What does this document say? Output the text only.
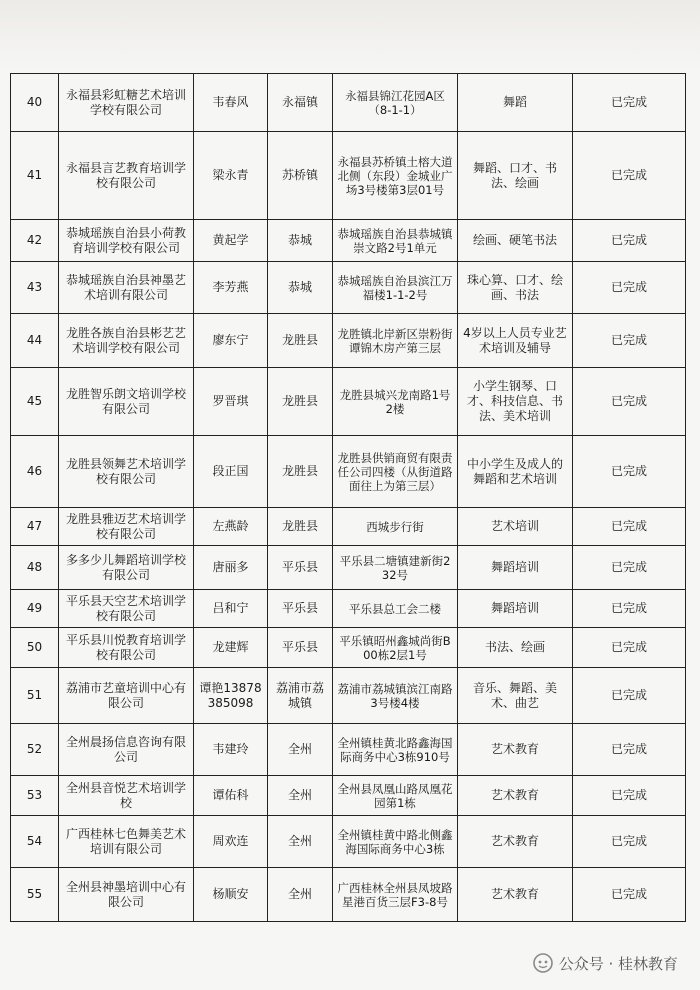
40	永福县彩虹糖艺术培训学校有限公司	韦春风	永福镇	永福县锦江花园A区（8-1-1）	舞蹈	已完成
41	永福县言艺教育培训学校有限公司	梁永青	苏桥镇	永福县苏桥镇土榕大道北侧（东段）金城业广场3号楼第3层01号	舞蹈、口才、书法、绘画	已完成
42	恭城瑶族自治县小荷教育培训学校有限公司	黄起学	恭城	恭城瑶族自治县恭城镇崇文路2号1单元	绘画、硬笔书法	已完成
43	恭城瑶族自治县神墨艺术培训有限公司	李芳燕	恭城	恭城瑶族自治县滨江万福楼1-1-2号	珠心算、口才、绘画、书法	已完成
44	龙胜各族自治县彬艺艺术培训学校有限公司	廖东宁	龙胜县	龙胜镇北岸新区崇粉街谭锦木房产第三层	4岁以上人员专业艺术培训及辅导	已完成
45	龙胜智乐朗文培训学校有限公司	罗晋琪	龙胜县	龙胜县城兴龙南路1号2楼	小学生钢琴、口才、科技信息、书法、美术培训	已完成
46	龙胜县领舞艺术培训学校有限公司	段正国	龙胜县	龙胜县供销商贸有限责任公司四楼（从街道路面往上为第三层）	中小学生及成人的舞蹈和艺术培训	已完成
47	龙胜县雅迈艺术培训学校有限公司	左燕龄	龙胜县	西城步行街	艺术培训	已完成
48	多多少儿舞蹈培训学校有限公司	唐丽多	平乐县	平乐县二塘镇建新街232号	舞蹈培训	已完成
49	平乐县天空艺术培训学校有限公司	吕和宁	平乐县	平乐县总工会二楼	舞蹈培训	已完成
50	平乐县川悦教育培训学校有限公司	龙建辉	平乐县	平乐镇昭州鑫城尚街B00栋2层1号	书法、绘画	已完成
51	荔浦市艺童培训中心有限公司	谭艳13878385098	荔浦市荔城镇	荔浦市荔城镇滨江南路3号楼4楼	音乐、舞蹈、美术、曲艺	已完成
52	全州晨扬信息咨询有限公司	韦建玲	全州	全州镇桂黄北路鑫海国际商务中心3栋910号	艺术教育	已完成
53	全州县音悦艺术培训学校	谭佑科	全州	全州县凤凰山路凤凰花园第1栋	艺术教育	已完成
54	广西桂林七色舞美艺术培训有限公司	周欢连	全州	全州镇桂黄中路北侧鑫海国际商务中心3栋	艺术教育	已完成
55	全州县神墨培训中心有限公司	杨顺安	全州	广西桂林全州县凤坡路星港百货三层F3-8号	艺术教育	已完成
公众号 · 桂林教育
